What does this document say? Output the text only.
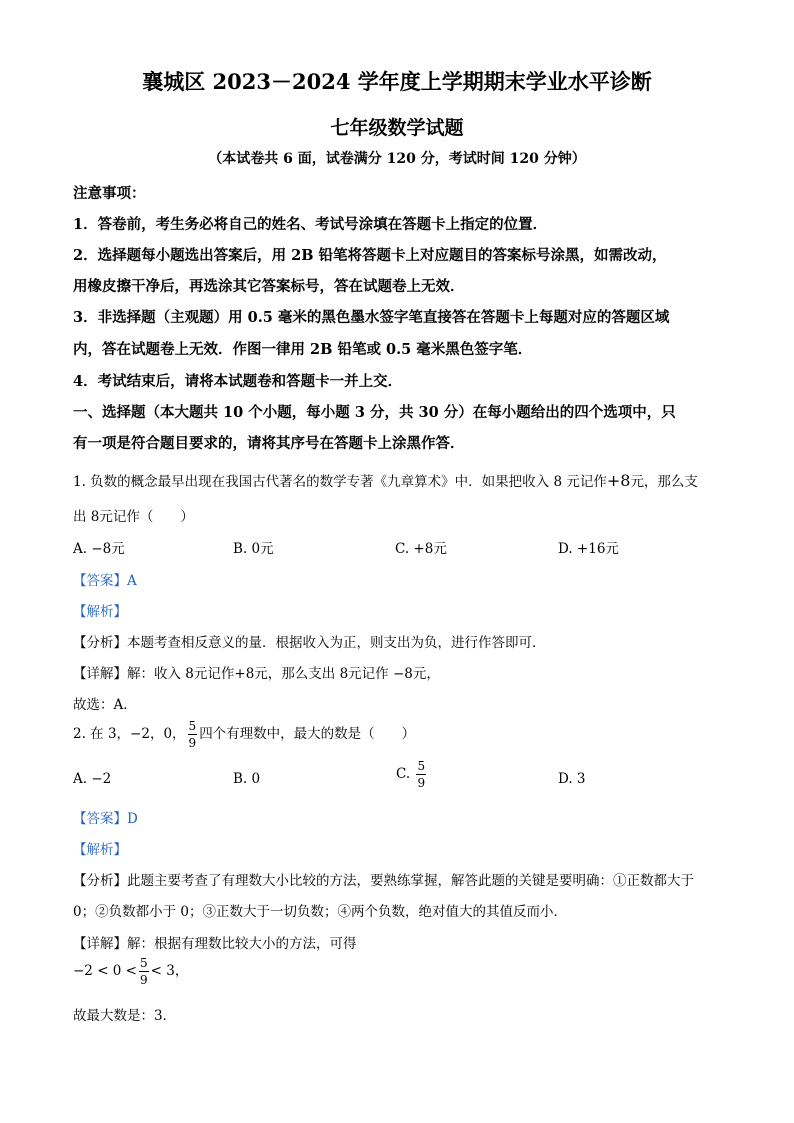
襄城区 2023－2024 学年度上学期期末学业水平诊断
七年级数学试题
（本试卷共 6 面，试卷满分 120 分，考试时间 120 分钟）
注意事项：
1．答卷前，考生务必将自己的姓名、考试号涂填在答题卡上指定的位置．
2．选择题每小题选出答案后，用 2B 铅笔将答题卡上对应题目的答案标号涂黑，如需改动，
用橡皮擦干净后，再选涂其它答案标号，答在试题卷上无效．
3．非选择题（主观题）用 0.5 毫米的黑色墨水签字笔直接答在答题卡上每题对应的答题区域
内，答在试题卷上无效．作图一律用 2B 铅笔或 0.5 毫米黑色签字笔．
4．考试结束后，请将本试题卷和答题卡一并上交．
一、选择题（本大题共 10 个小题，每小题 3 分，共 30 分）在每小题给出的四个选项中，只
有一项是符合题目要求的，请将其序号在答题卡上涂黑作答．
1. 负数的概念最早出现在我国古代著名的数学专著《九章算术》中．如果把收入 8 元记作+8元，那么支
出 8元记作（　　）
A. −8元	B. 0元	C. +8元	D. +16元
【答案】A
【解析】
【分析】本题考查相反意义的量．根据收入为正，则支出为负，进行作答即可．
【详解】解：收入 8元记作+8元，那么支出 8元记作 −8元，
故选：A．
2. 在 3，−2，0， $\frac{5}{9}$ 四个有理数中，最大的数是（　　）
A. −2	B. 0	C. $\frac{5}{9}$	D. 3
【答案】D
【解析】
【分析】此题主要考查了有理数大小比较的方法，要熟练掌握，解答此题的关键是要明确：①正数都大于
0；②负数都小于 0；③正数大于一切负数；④两个负数，绝对值大的其值反而小．
【详解】解：根据有理数比较大小的方法，可得
$-2 < 0 < \frac{5}{9} < 3$，
故最大数是：3．
